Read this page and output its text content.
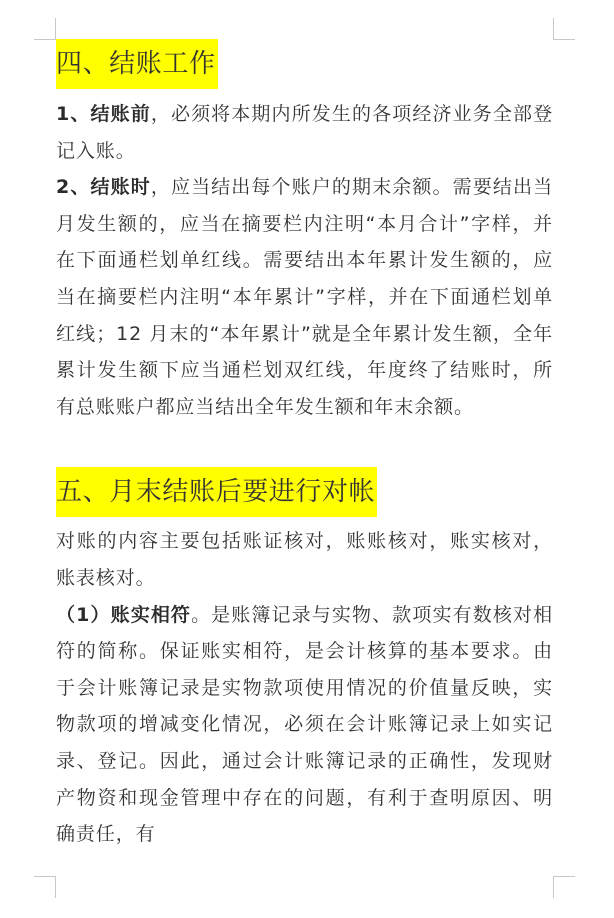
四、结账工作

1、结账前，必须将本期内所发生的各项经济业务全部登记入账。

2、结账时，应当结出每个账户的期末余额。需要结出当月发生额的，应当在摘要栏内注明“本月合计”字样，并在下面通栏划单红线。需要结出本年累计发生额的，应当在摘要栏内注明“本年累计”字样，并在下面通栏划单红线；12 月末的“本年累计”就是全年累计发生额，全年累计发生额下应当通栏划双红线，年度终了结账时，所有总账账户都应当结出全年发生额和年末余额。

五、月末结账后要进行对帐

对账的内容主要包括账证核对，账账核对，账实核对，账表核对。

（1）账实相符。是账簿记录与实物、款项实有数核对相符的简称。保证账实相符，是会计核算的基本要求。由于会计账簿记录是实物款项使用情况的价值量反映，实物款项的增减变化情况，必须在会计账簿记录上如实记录、登记。因此，通过会计账簿记录的正确性，发现财产物资和现金管理中存在的问题，有利于查明原因、明确责任，有
